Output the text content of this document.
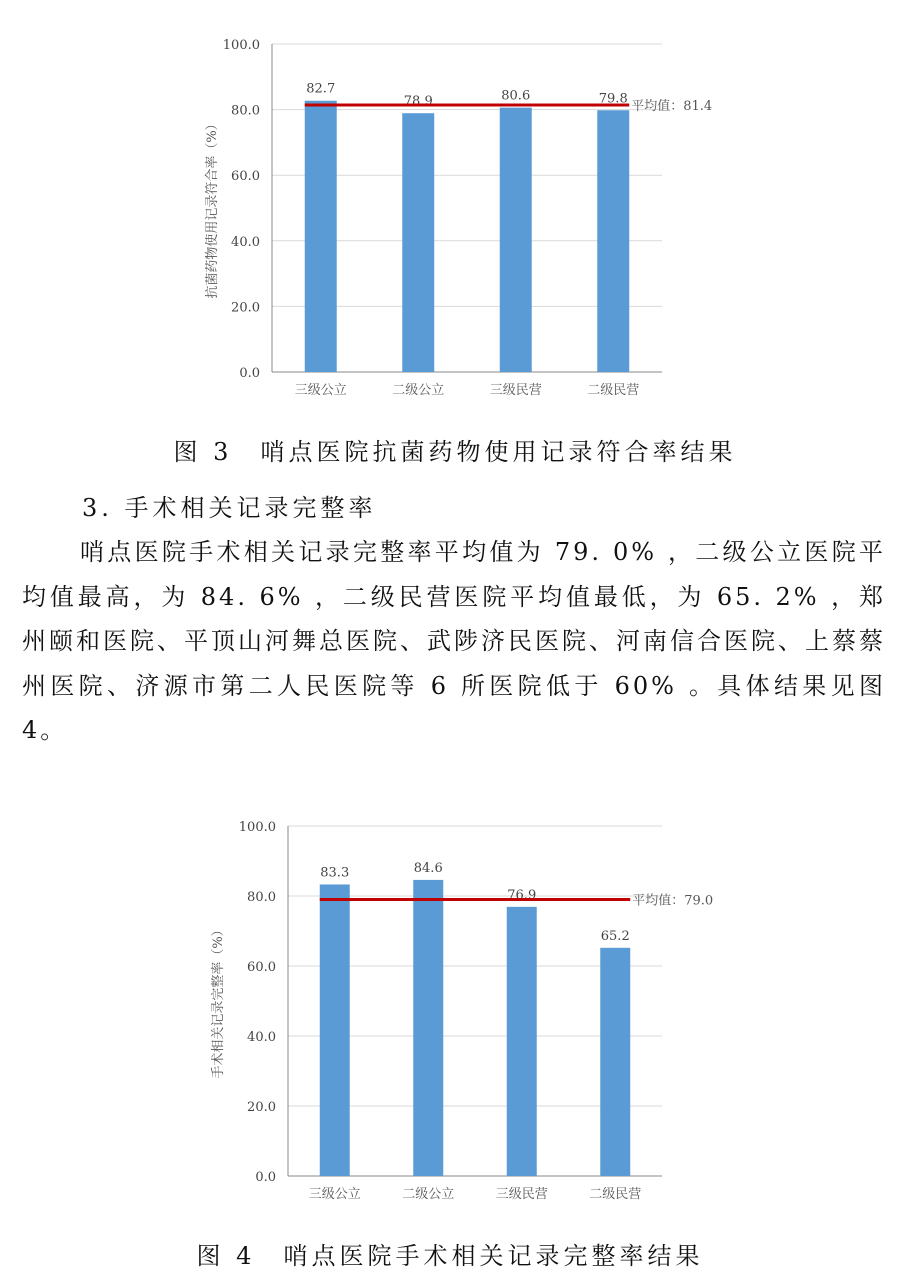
0.0
20.0
40.0
60.0
80.0
100.0
抗菌药物使用记录符合率（%）
82.7
三级公立
78.9
二级公立
80.6
三级民营
79.8
二级民营
平均值：81.4
图 3　哨点医院抗菌药物使用记录符合率结果
3. 手术相关记录完整率
哨点医院手术相关记录完整率平均值为 79. 0% ，二级公立医院平均值最高，为 84. 6% ，二级民营医院平均值最低，为 65. 2% ，郑州颐和医院、平顶山河舞总医院、武陟济民医院、河南信合医院、上蔡蔡州医院、济源市第二人民医院等 6 所医院低于 60% 。具体结果见图 4。
0.0
20.0
40.0
60.0
80.0
100.0
手术相关记录完整率（%）
83.3
三级公立
84.6
二级公立
76.9
三级民营
65.2
二级民营
平均值：79.0
图 4　哨点医院手术相关记录完整率结果
